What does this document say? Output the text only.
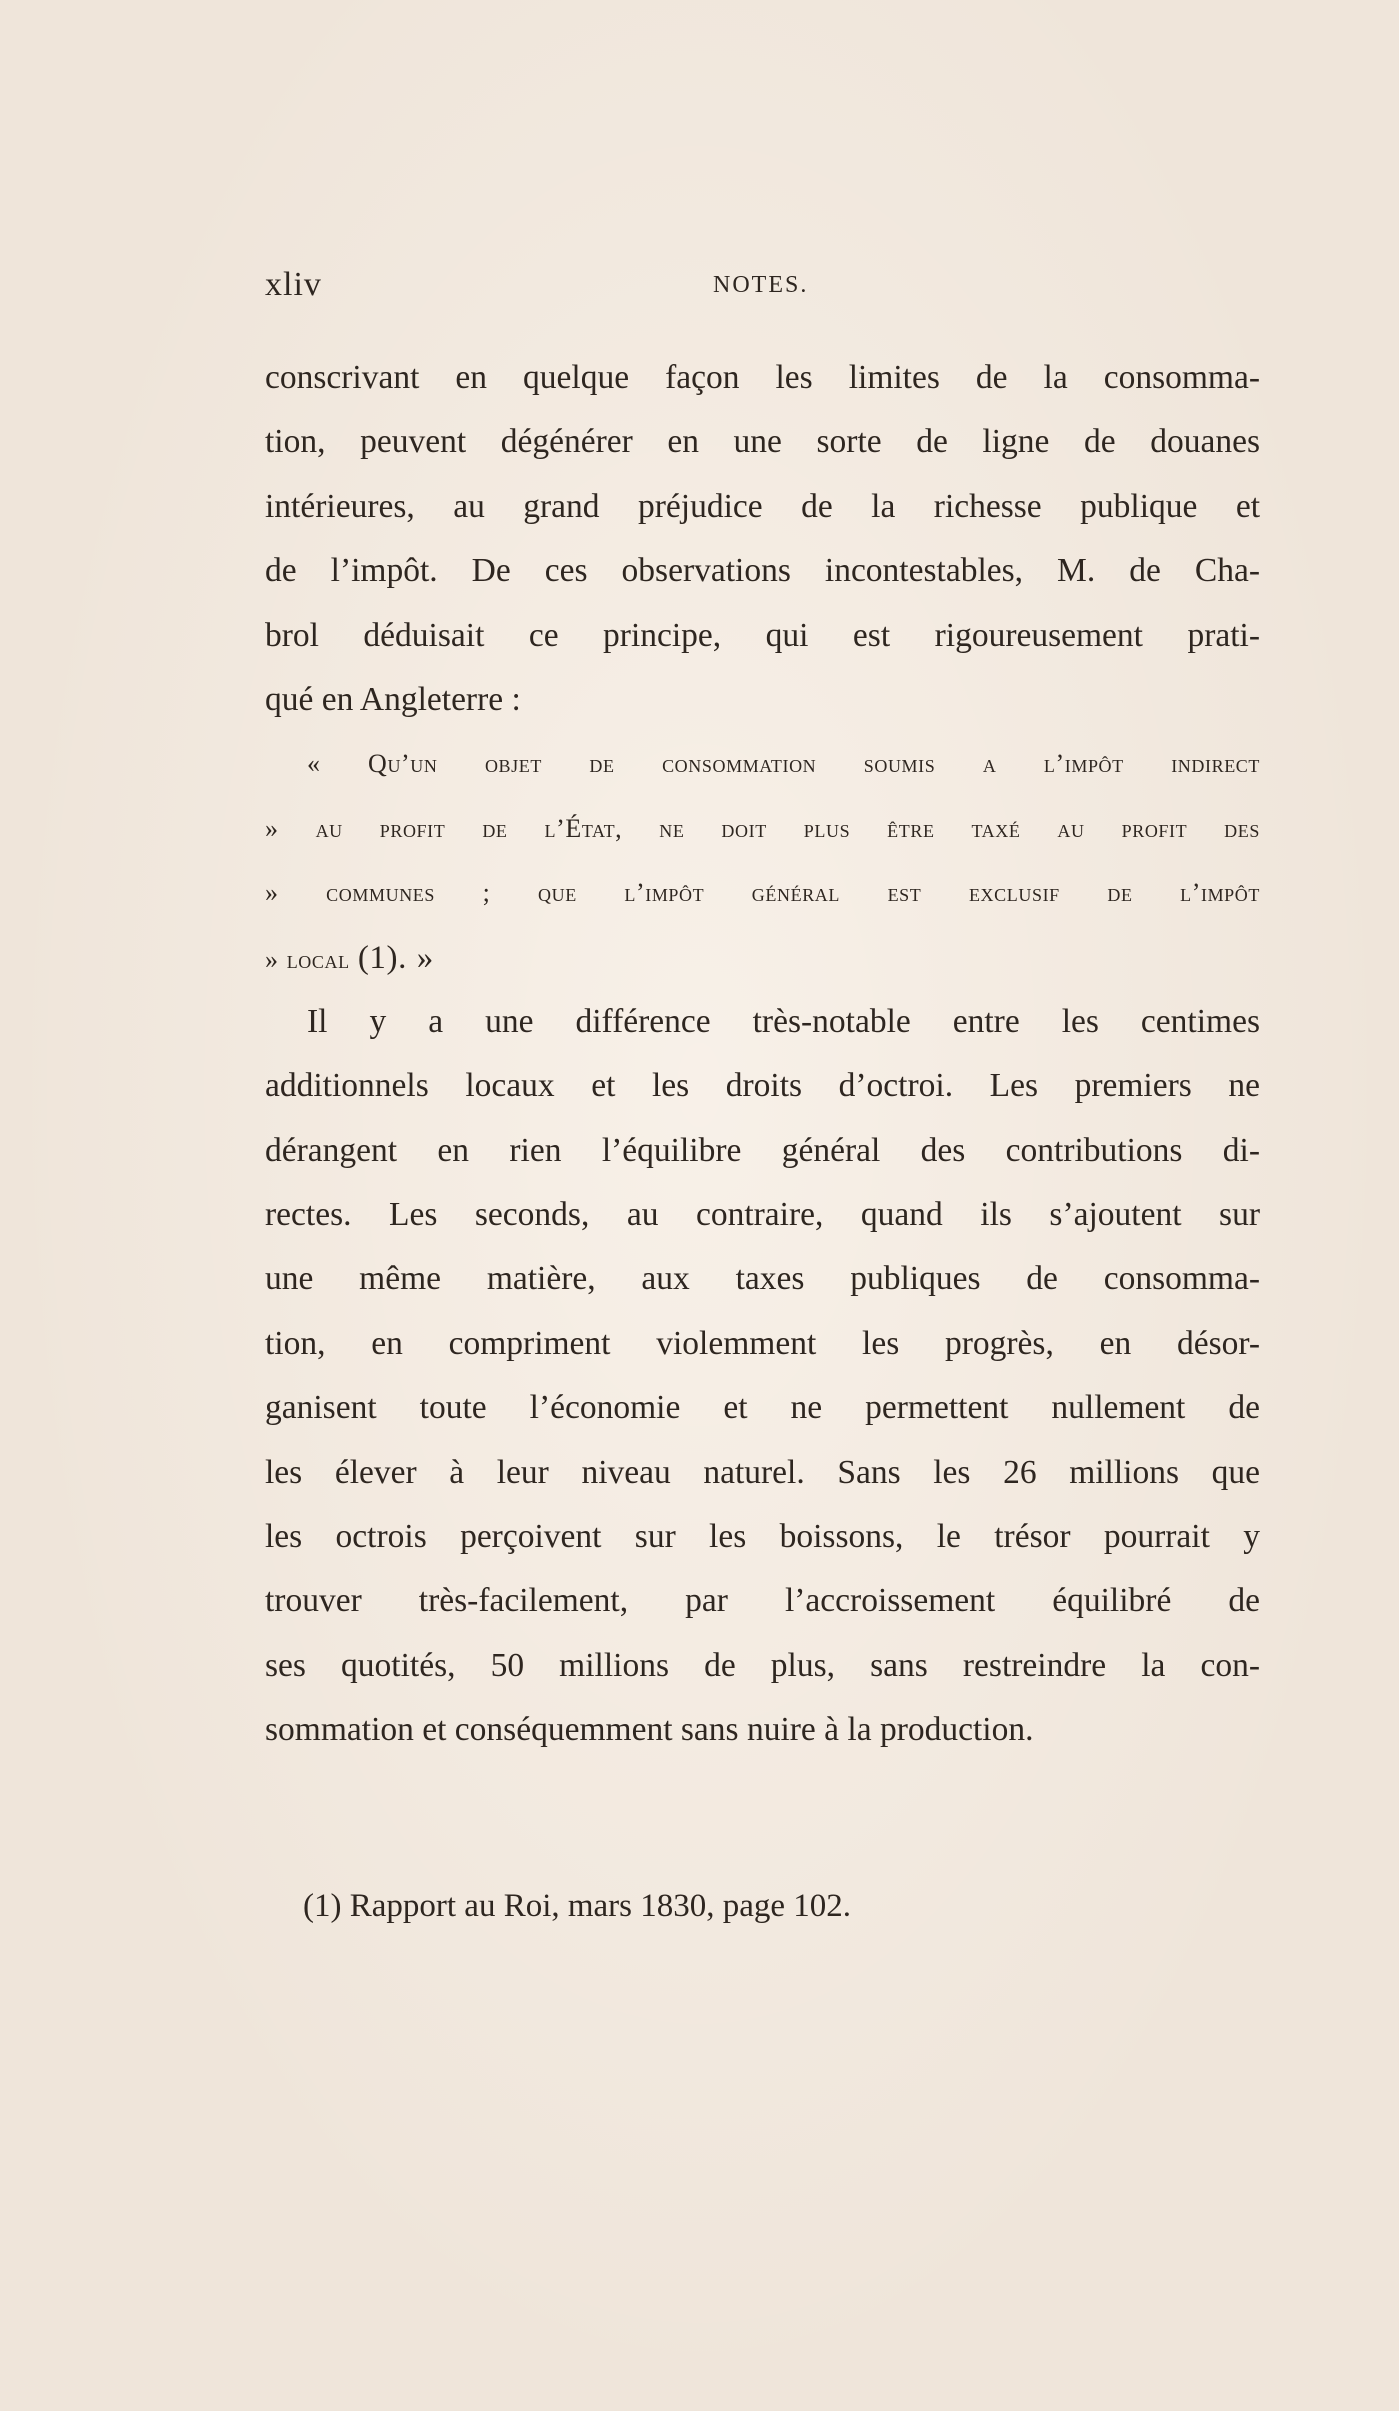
xliv	NOTES.
conscrivant en quelque façon les limites de la consomma-
tion, peuvent dégénérer en une sorte de ligne de douanes
intérieures, au grand préjudice de la richesse publique et
de l’impôt. De ces observations incontestables, M. de Cha-
brol déduisait ce principe, qui est rigoureusement prati-
qué en Angleterre :
« Qu’un objet de consommation soumis a l’impôt indirect
» au profit de l’État, ne doit plus être taxé au profit des
» communes ; que l’impôt général est exclusif de l’impôt
» local (1). »
Il y a une différence très-notable entre les centimes
additionnels locaux et les droits d’octroi. Les premiers ne
dérangent en rien l’équilibre général des contributions di-
rectes. Les seconds, au contraire, quand ils s’ajoutent sur
une même matière, aux taxes publiques de consomma-
tion, en compriment violemment les progrès, en désor-
ganisent toute l’économie et ne permettent nullement de
les élever à leur niveau naturel. Sans les 26 millions que
les octrois perçoivent sur les boissons, le trésor pourrait y
trouver très-facilement, par l’accroissement équilibré de
ses quotités, 50 millions de plus, sans restreindre la con-
sommation et conséquemment sans nuire à la production.
(1) Rapport au Roi, mars 1830, page 102.
